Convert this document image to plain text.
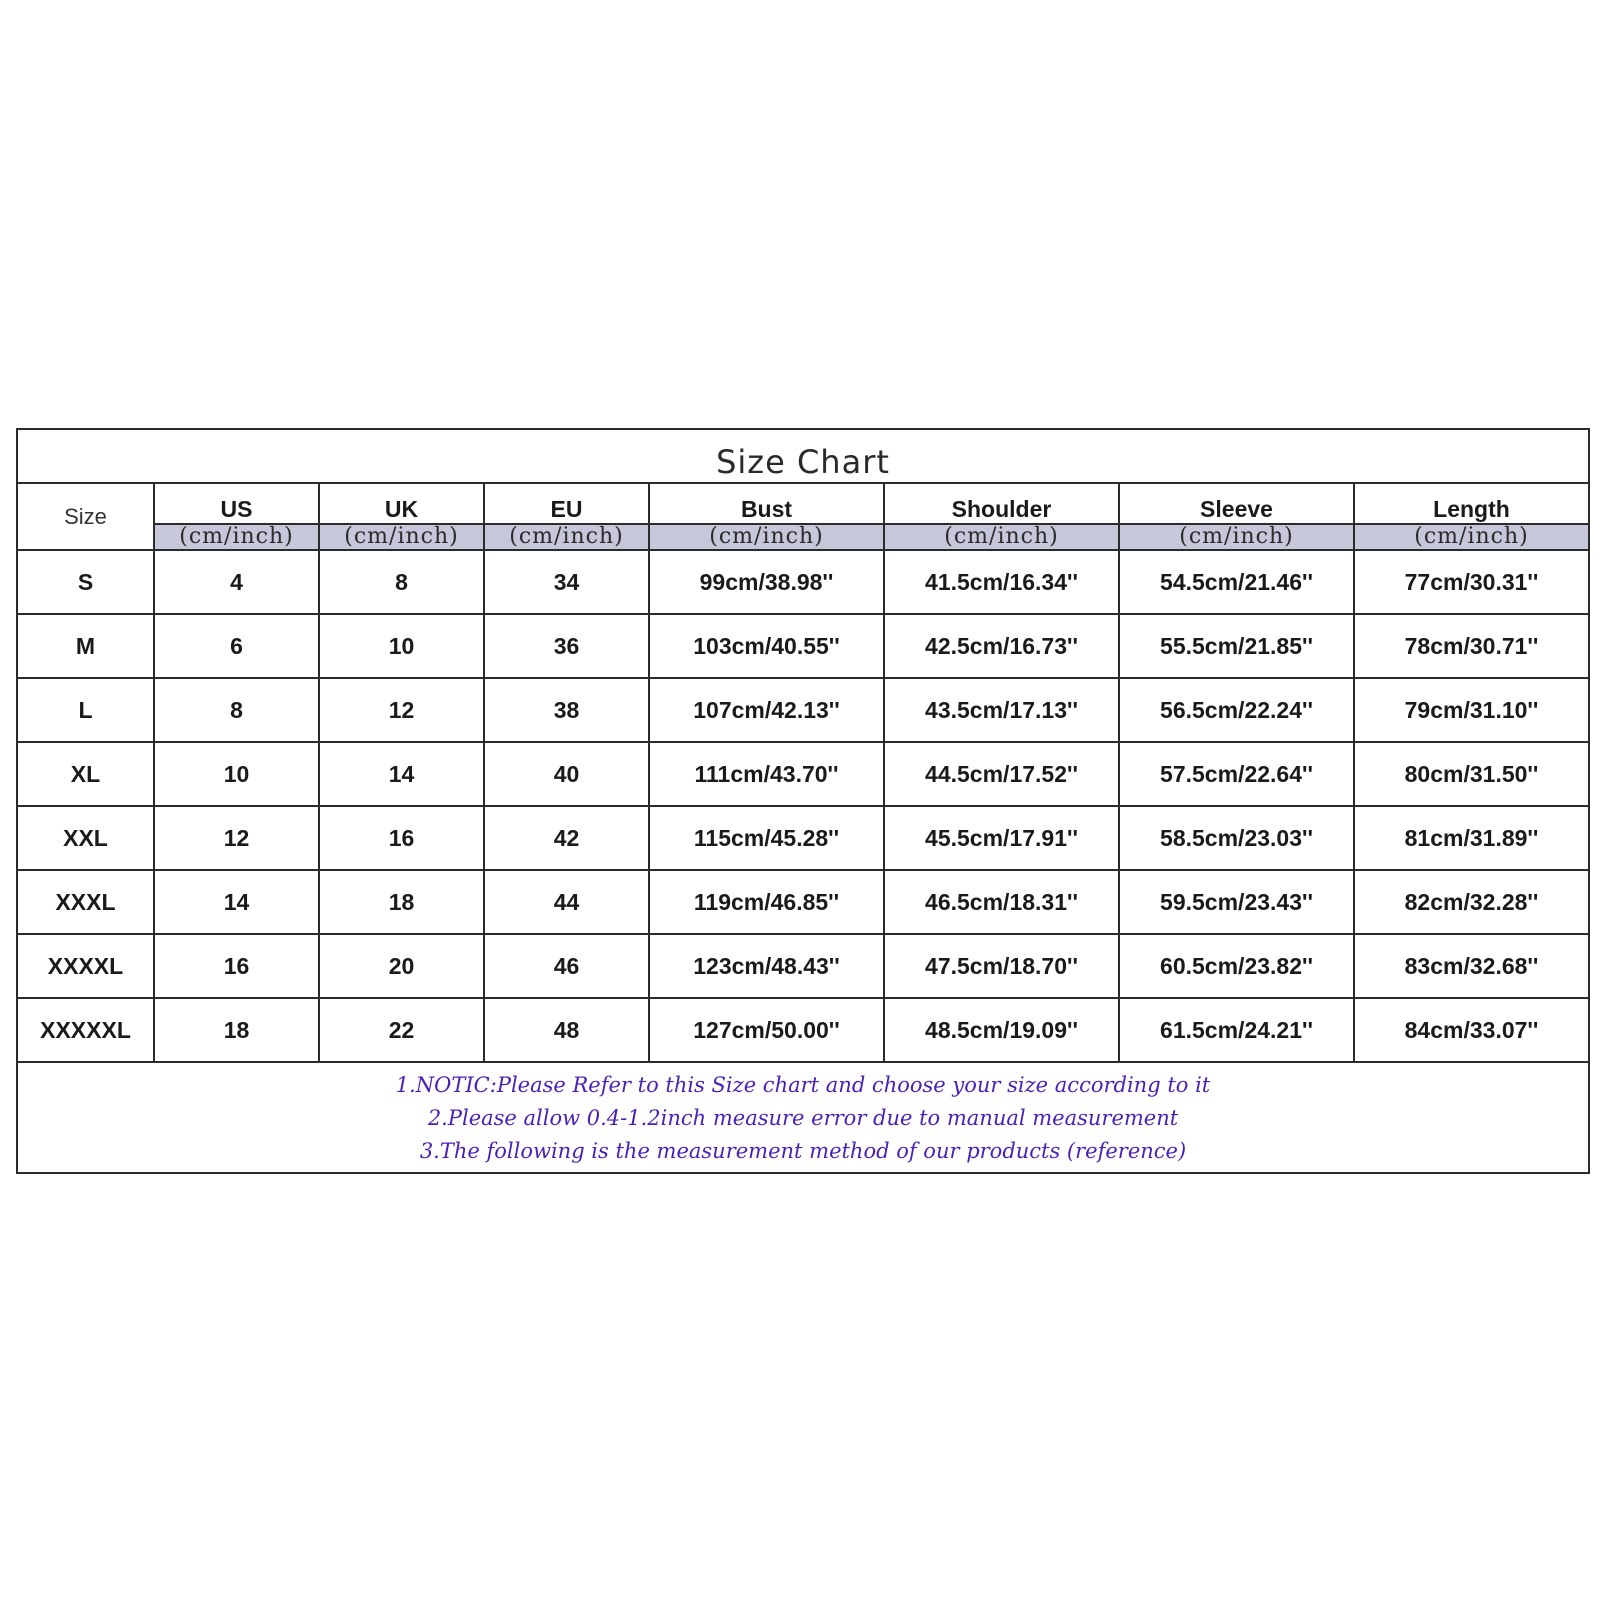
Size Chart
Size	US	UK	EU	Bust	Shoulder	Sleeve	Length
	(cm/inch)	(cm/inch)	(cm/inch)	(cm/inch)	(cm/inch)	(cm/inch)	(cm/inch)
S	4	8	34	99cm/38.98''	41.5cm/16.34''	54.5cm/21.46''	77cm/30.31''
M	6	10	36	103cm/40.55''	42.5cm/16.73''	55.5cm/21.85''	78cm/30.71''
L	8	12	38	107cm/42.13''	43.5cm/17.13''	56.5cm/22.24''	79cm/31.10''
XL	10	14	40	111cm/43.70''	44.5cm/17.52''	57.5cm/22.64''	80cm/31.50''
XXL	12	16	42	115cm/45.28''	45.5cm/17.91''	58.5cm/23.03''	81cm/31.89''
XXXL	14	18	44	119cm/46.85''	46.5cm/18.31''	59.5cm/23.43''	82cm/32.28''
XXXXL	16	20	46	123cm/48.43''	47.5cm/18.70''	60.5cm/23.82''	83cm/32.68''
XXXXXL	18	22	48	127cm/50.00''	48.5cm/19.09''	61.5cm/24.21''	84cm/33.07''
1.NOTIC:Please Refer to this Size chart and choose your size according to it
2.Please allow 0.4-1.2inch measure error due to manual measurement
3.The following is the measurement method of our products (reference)
